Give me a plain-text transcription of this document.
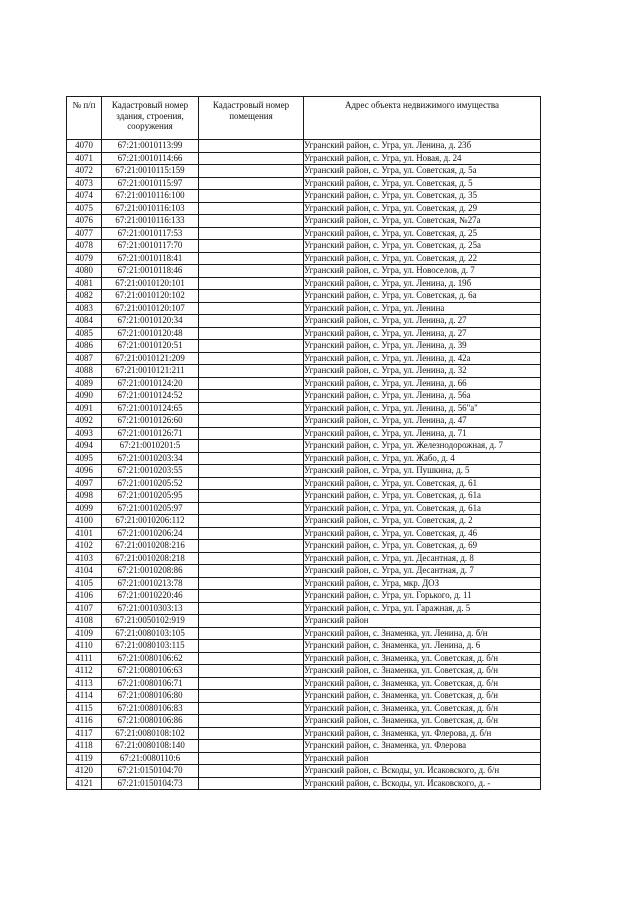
№ п/п	Кадастровый номер здания, строения, сооружения	Кадастровый номер помещения	Адрес объекта недвижимого имущества
4070	67:21:0010113:99		Угранский район, с. Угра, ул. Ленина, д. 23б
4071	67:21:0010114:66		Угранский район, с. Угра, ул. Новая, д. 24
4072	67:21:0010115:159		Угранский район, с. Угра, ул. Советская, д. 5а
4073	67:21:0010115:97		Угранский район, с. Угра, ул. Советская, д. 5
4074	67:21:0010116:100		Угранский район, с. Угра, ул. Советская, д. 35
4075	67:21:0010116:103		Угранский район, с. Угра, ул. Советская, д. 29
4076	67:21:0010116:133		Угранский район, с. Угра, ул. Советская, №27а
4077	67:21:0010117:53		Угранский район, с. Угра, ул. Советская, д. 25
4078	67:21:0010117:70		Угранский район, с. Угра, ул. Советская, д. 25а
4079	67:21:0010118:41		Угранский район, с. Угра, ул. Советская, д. 22
4080	67:21:0010118:46		Угранский район, с. Угра, ул. Новоселов, д. 7
4081	67:21:0010120:101		Угранский район, с. Угра, ул. Ленина, д. 19б
4082	67:21:0010120:102		Угранский район, с. Угра, ул. Советская, д. 6а
4083	67:21:0010120:107		Угранский район, с. Угра, ул. Ленина
4084	67:21:0010120:34		Угранский район, с. Угра, ул. Ленина, д. 27
4085	67:21:0010120:48		Угранский район, с. Угра, ул. Ленина, д. 27
4086	67:21:0010120:51		Угранский район, с. Угра, ул. Ленина, д. 39
4087	67:21:0010121:209		Угранский район, с. Угра, ул. Ленина, д. 42а
4088	67:21:0010121:211		Угранский район, с. Угра, ул. Ленина, д. 32
4089	67:21:0010124:20		Угранский район, с. Угра, ул. Ленина, д. 66
4090	67:21:0010124:52		Угранский район, с. Угра, ул. Ленина, д. 56а
4091	67:21:0010124:65		Угранский район, с. Угра, ул. Ленина, д. 56"а"
4092	67:21:0010126:60		Угранский район, с. Угра, ул. Ленина, д. 47
4093	67:21:0010126:71		Угранский район, с. Угра, ул. Ленина, д. 71
4094	67:21:0010201:5		Угранский район, с. Угра, ул. Железнодорожная, д. 7
4095	67:21:0010203:34		Угранский район, с. Угра, ул. Жабо, д. 4
4096	67:21:0010203:55		Угранский район, с. Угра, ул. Пушкина, д. 5
4097	67:21:0010205:52		Угранский район, с. Угра, ул. Советская, д. 61
4098	67:21:0010205:95		Угранский район, с. Угра, ул. Советская, д. 61а
4099	67:21:0010205:97		Угранский район, с. Угра, ул. Советская, д. 61а
4100	67:21:0010206:112		Угранский район, с. Угра, ул. Советская, д. 2
4101	67:21:0010206:24		Угранский район, с. Угра, ул. Советская, д. 46
4102	67:21:0010208:216		Угранский район, с. Угра, ул. Советская, д. 69
4103	67:21:0010208:218		Угранский район, с. Угра, ул. Десантная, д. 8
4104	67:21:0010208:86		Угранский район, с. Угра, ул. Десантная, д. 7
4105	67:21:0010213:78		Угранский район, с. Угра, мкр. ДОЗ
4106	67:21:0010220:46		Угранский район, с. Угра, ул. Горького, д. 11
4107	67:21:0010303:13		Угранский район, с. Угра, ул. Гаражная, д. 5
4108	67:21:0050102:919		Угранский район
4109	67:21:0080103:105		Угранский район, с. Знаменка, ул. Ленина, д. б/н
4110	67:21:0080103:115		Угранский район, с. Знаменка, ул. Ленина, д. 6
4111	67:21:0080106:62		Угранский район, с. Знаменка, ул. Советская, д. б/н
4112	67:21:0080106:63		Угранский район, с. Знаменка, ул. Советская, д. б/н
4113	67:21:0080106:71		Угранский район, с. Знаменка, ул. Советская, д. б/н
4114	67:21:0080106:80		Угранский район, с. Знаменка, ул. Советская, д. б/н
4115	67:21:0080106:83		Угранский район, с. Знаменка, ул. Советская, д. б/н
4116	67:21:0080106:86		Угранский район, с. Знаменка, ул. Советская, д. б/н
4117	67:21:0080108:102		Угранский район, с. Знаменка, ул. Флерова, д. б/н
4118	67:21:0080108:140		Угранский район, с. Знаменка, ул. Флерова
4119	67:21:0080110:6		Угранский район
4120	67:21:0150104:70		Угранский район, с. Вскоды, ул. Исаковского, д. б/н
4121	67:21:0150104:73		Угранский район, с. Вскоды, ул. Исаковского, д. -
